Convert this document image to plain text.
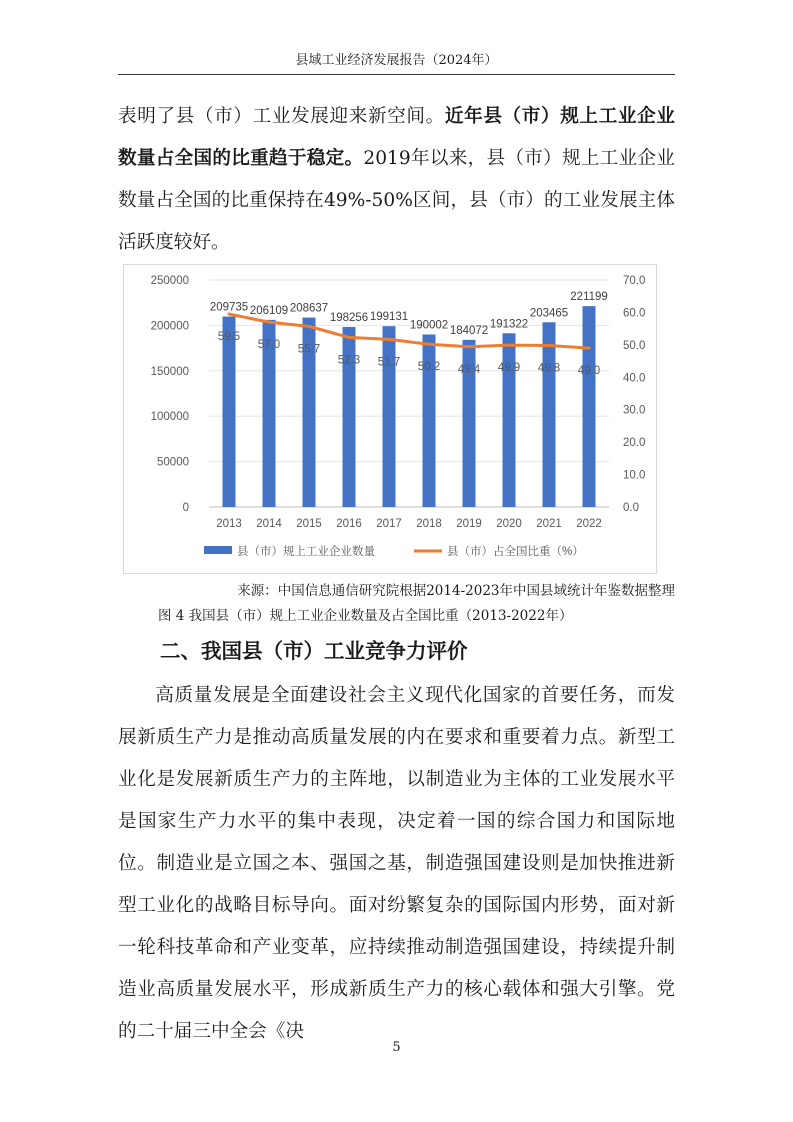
县域工业经济发展报告（2024年）

表明了县（市）工业发展迎来新空间。近年县（市）规上工业企业数量占全国的比重趋于稳定。2019年以来，县（市）规上工业企业数量占全国的比重保持在49%-50%区间，县（市）的工业发展主体活跃度较好。

0
50000
100000
150000
200000
250000
0.0
10.0
20.0
30.0
40.0
50.0
60.0
70.0
209735 206109 208637
198256 199131
190002 184072
191322
203465
221199
59.5
57.0 55.7
52.3 51.7 50.2 49.4 49.9 49.8 49.0
2013 2014 2015 2016 2017 2018 2019 2020 2021 2022
县（市）规上工业企业数量	县（市）占全国比重（%）
来源：中国信息通信研究院根据2014-2023年中国县域统计年鉴数据整理
图 4 我国县（市）规上工业企业数量及占全国比重（2013-2022年）
二、我国县（市）工业竞争力评价

高质量发展是全面建设社会主义现代化国家的首要任务，而发展新质生产力是推动高质量发展的内在要求和重要着力点。新型工业化是发展新质生产力的主阵地，以制造业为主体的工业发展水平是国家生产力水平的集中表现，决定着一国的综合国力和国际地位。制造业是立国之本、强国之基，制造强国建设则是加快推进新型工业化的战略目标导向。面对纷繁复杂的国际国内形势，面对新一轮科技革命和产业变革，应持续推动制造强国建设，持续提升制造业高质量发展水平，形成新质生产力的核心载体和强大引擎。党的二十届三中全会《决

5
